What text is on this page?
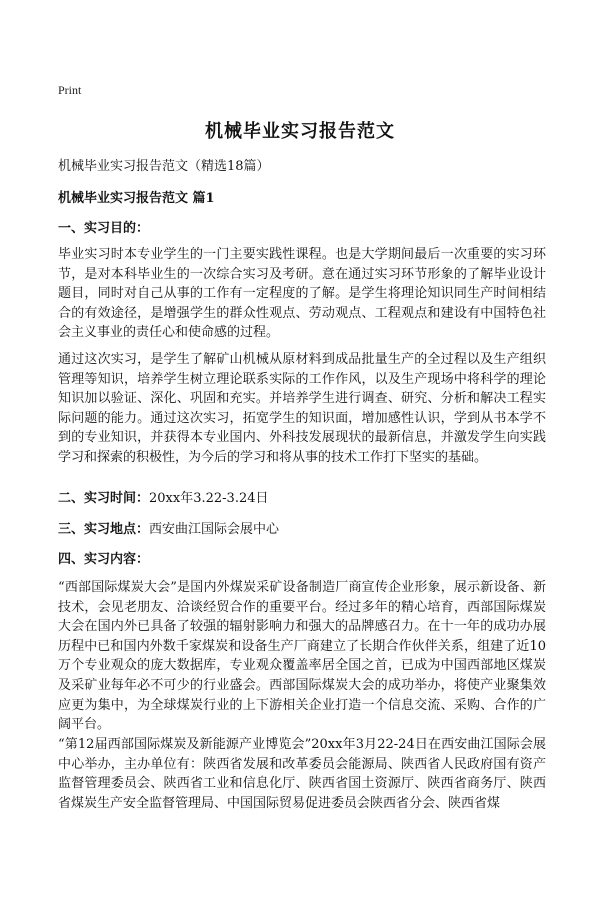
Print
机械毕业实习报告范文
机械毕业实习报告范文（精选18篇）
机械毕业实习报告范文 篇1
一、实习目的：
毕业实习时本专业学生的一门主要实践性课程。也是大学期间最后一次重要的实习环节，是对本科毕业生的一次综合实习及考研。意在通过实习环节形象的了解毕业设计题目，同时对自己从事的工作有一定程度的了解。是学生将理论知识同生产时间相结合的有效途径，是增强学生的群众性观点、劳动观点、工程观点和建设有中国特色社会主义事业的责任心和使命感的过程。
通过这次实习，是学生了解矿山机械从原材料到成品批量生产的全过程以及生产组织管理等知识，培养学生树立理论联系实际的工作作风，以及生产现场中将科学的理论知识加以验证、深化、巩固和充实。并培养学生进行调查、研究、分析和解决工程实际问题的能力。通过这次实习，拓宽学生的知识面，增加感性认识，学到从书本学不到的专业知识，并获得本专业国内、外科技发展现状的最新信息，并激发学生向实践学习和探索的积极性，为今后的学习和将从事的技术工作打下坚实的基础。
二、实习时间：20xx年3.22-3.24日
三、实习地点：西安曲江国际会展中心
四、实习内容：
“西部国际煤炭大会”是国内外煤炭采矿设备制造厂商宣传企业形象，展示新设备、新技术，会见老朋友、洽谈经贸合作的重要平台。经过多年的精心培育，西部国际煤炭大会在国内外已具备了较强的辐射影响力和强大的品牌感召力。在十一年的成功办展历程中已和国内外数千家煤炭和设备生产厂商建立了长期合作伙伴关系，组建了近10万个专业观众的庞大数据库，专业观众覆盖率居全国之首，已成为中国西部地区煤炭及采矿业每年必不可少的行业盛会。西部国际煤炭大会的成功举办，将使产业聚集效应更为集中，为全球煤炭行业的上下游相关企业打造一个信息交流、采购、合作的广阔平台。
“第12届西部国际煤炭及新能源产业博览会”20xx年3月22-24日在西安曲江国际会展中心举办，主办单位有：陕西省发展和改革委员会能源局、陕西省人民政府国有资产监督管理委员会、陕西省工业和信息化厅、陕西省国土资源厅、陕西省商务厅、陕西省煤炭生产安全监督管理局、中国国际贸易促进委员会陕西省分会、陕西省煤
